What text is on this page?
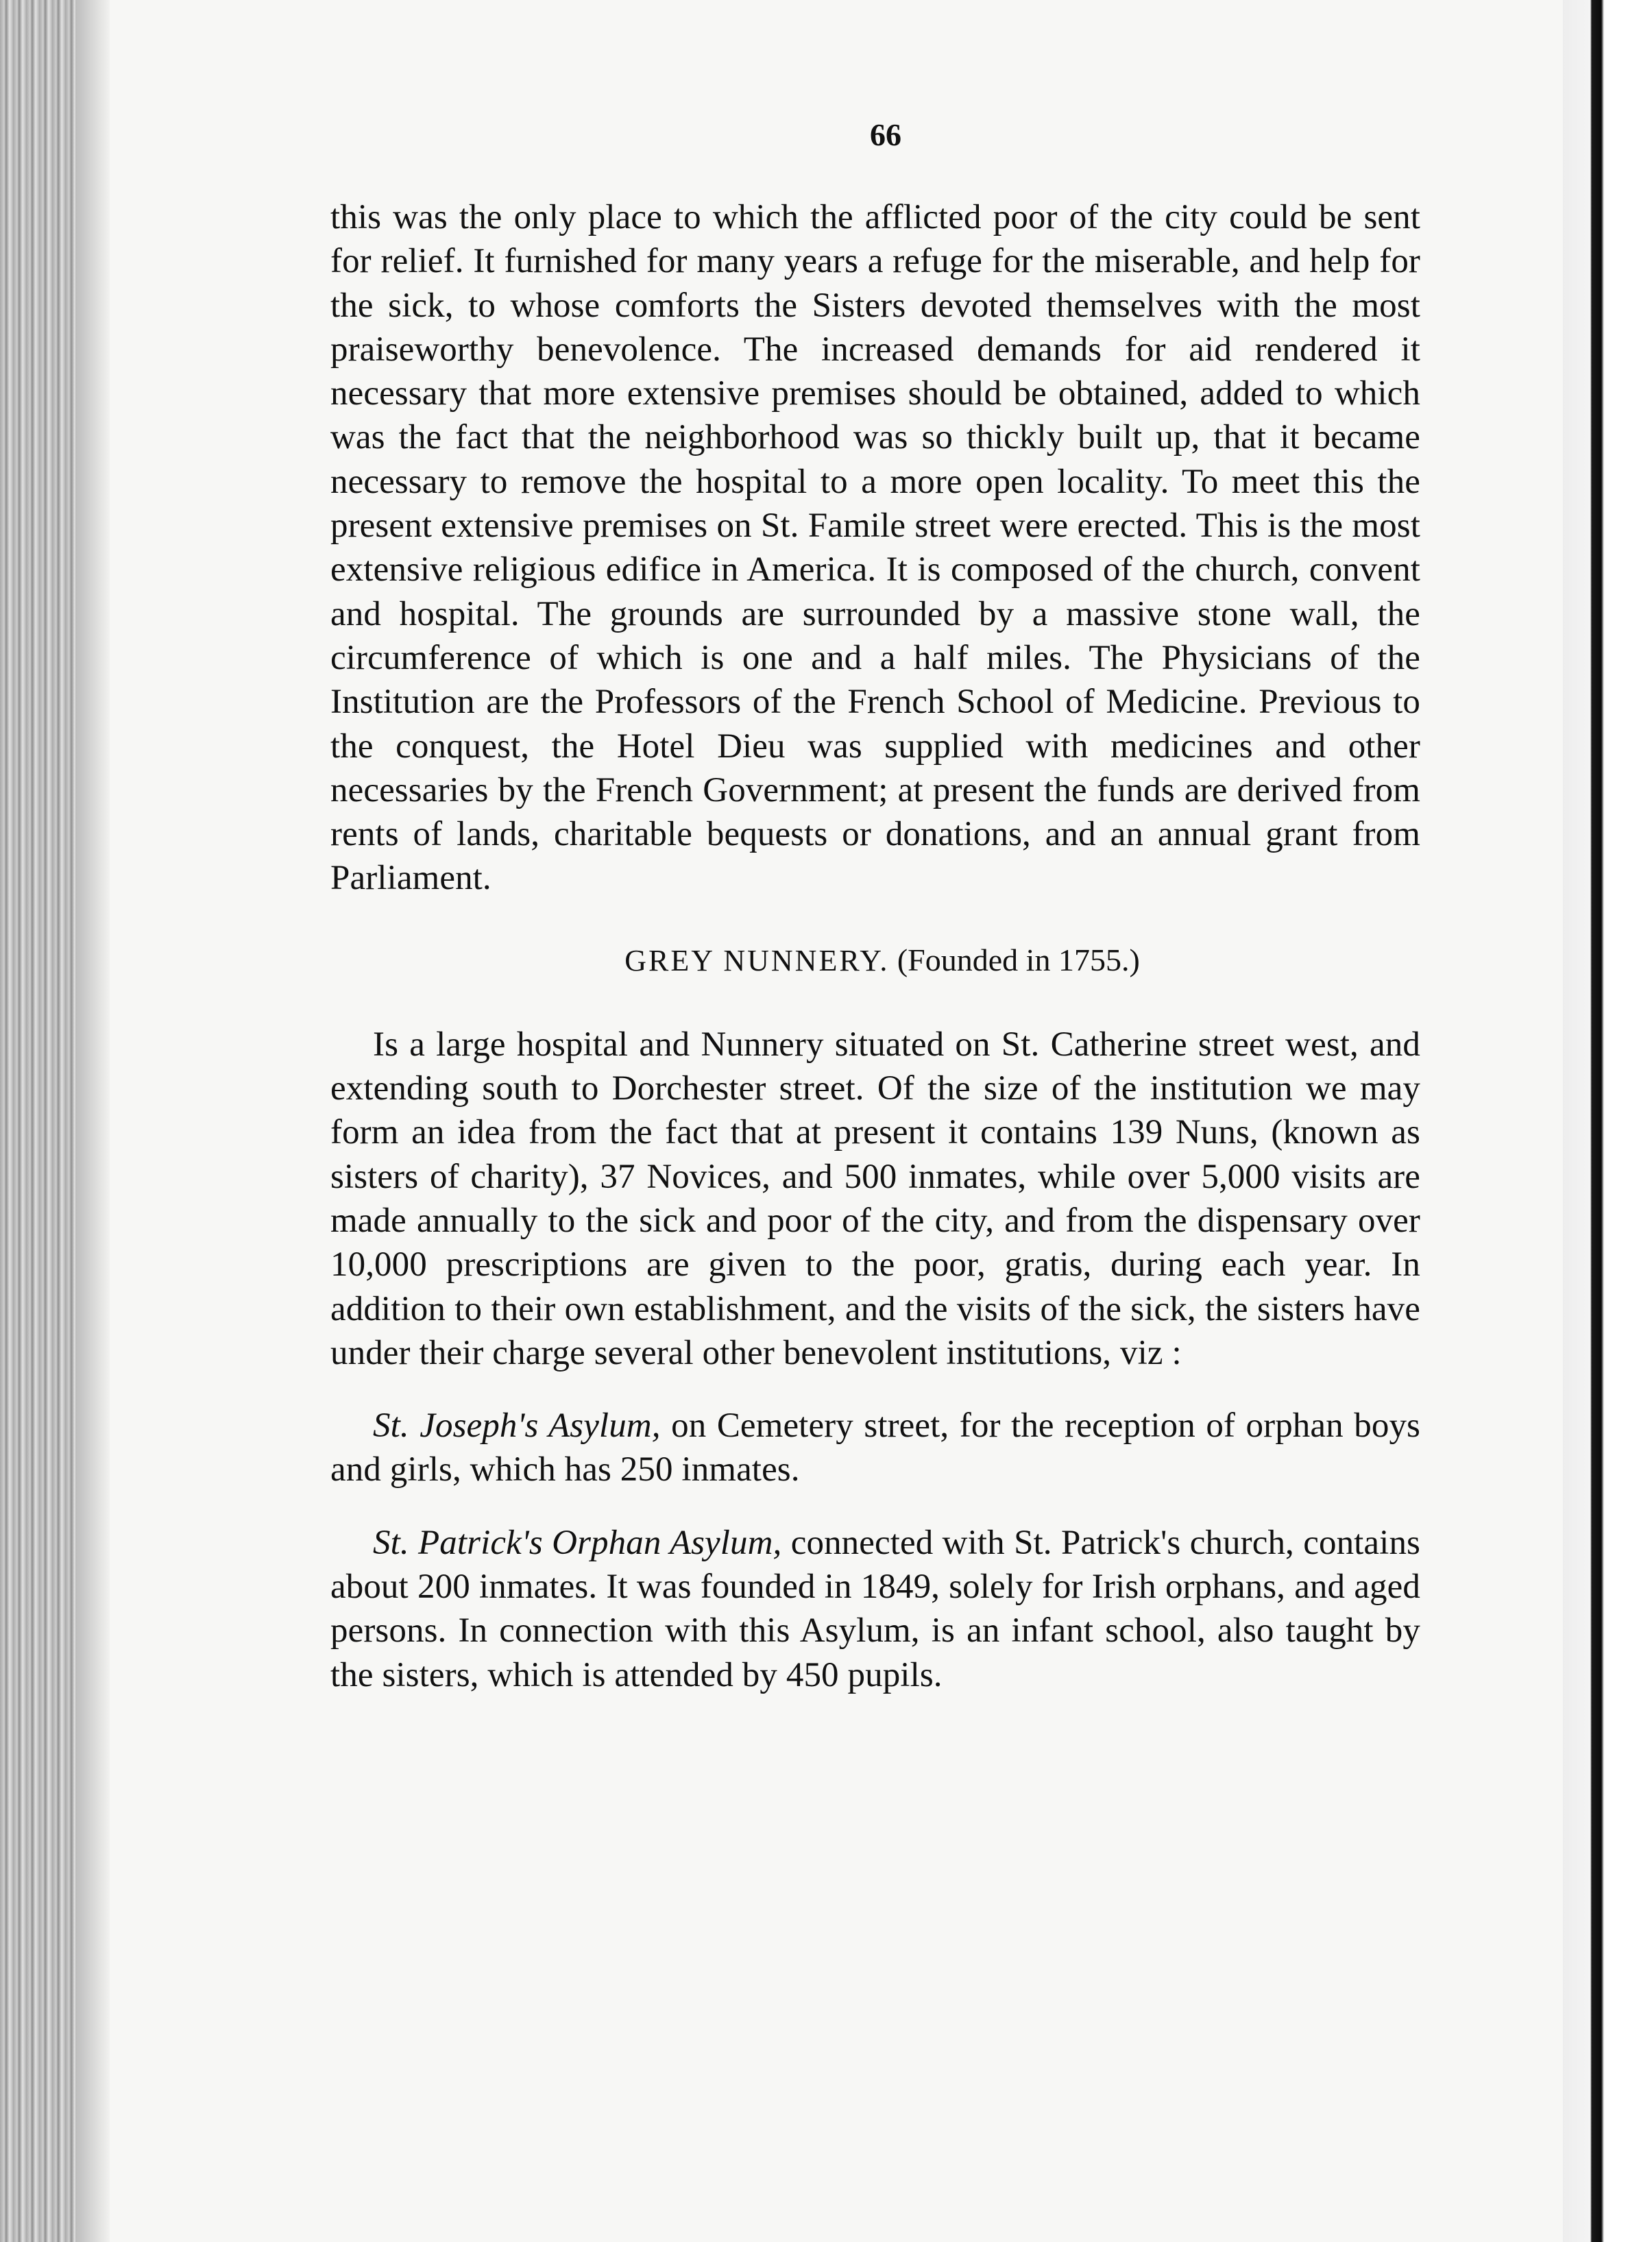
66

this was the only place to which the afflicted poor of the city could be sent for relief. It furnished for many years a refuge for the miserable, and help for the sick, to whose comforts the Sisters devoted themselves with the most praiseworthy benevolence. The increased demands for aid rendered it necessary that more extensive premises should be obtained, added to which was the fact that the neighborhood was so thickly built up, that it became necessary to remove the hospital to a more open locality. To meet this the present extensive premises on St. Famile street were erected. This is the most extensive religious edifice in America. It is composed of the church, convent and hospital. The grounds are surrounded by a massive stone wall, the circumference of which is one and a half miles. The Physicians of the Institution are the Professors of the French School of Medicine. Previous to the conquest, the Hotel Dieu was supplied with medicines and other necessaries by the French Government; at present the funds are derived from rents of lands, charitable bequests or donations, and an annual grant from Parliament.

GREY NUNNERY. (Founded in 1755.)

Is a large hospital and Nunnery situated on St. Catherine street west, and extending south to Dorchester street. Of the size of the institution we may form an idea from the fact that at present it contains 139 Nuns, (known as sisters of charity), 37 Novices, and 500 inmates, while over 5,000 visits are made annually to the sick and poor of the city, and from the dispensary over 10,000 prescriptions are given to the poor, gratis, during each year. In addition to their own establishment, and the visits of the sick, the sisters have under their charge several other benevolent institutions, viz :

St. Joseph's Asylum, on Cemetery street, for the reception of orphan boys and girls, which has 250 inmates.

St. Patrick's Orphan Asylum, connected with St. Patrick's church, contains about 200 inmates. It was founded in 1849, solely for Irish orphans, and aged persons. In connection with this Asylum, is an infant school, also taught by the sisters, which is attended by 450 pupils.
